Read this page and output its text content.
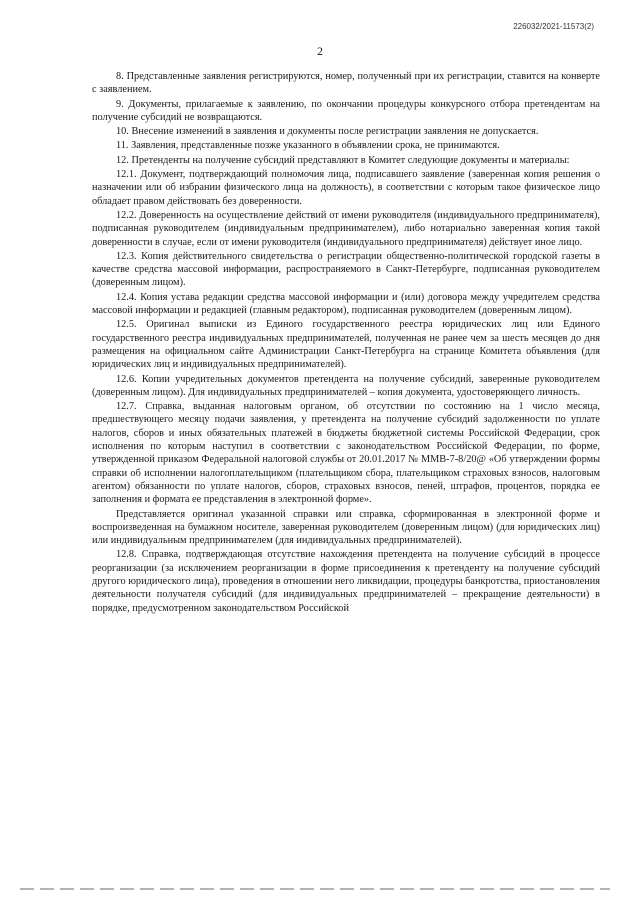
226032/2021-11573(2)
2

8. Представленные заявления регистрируются, номер, полученный при их регистрации, ставится на конверте с заявлением.

9. Документы, прилагаемые к заявлению, по окончании процедуры конкурсного отбора претендентам на получение субсидий не возвращаются.

10. Внесение изменений в заявления и документы после регистрации заявления не допускается.

11. Заявления, представленные позже указанного в объявлении срока, не принимаются.

12. Претенденты на получение субсидий представляют в Комитет следующие документы и материалы:

12.1. Документ, подтверждающий полномочия лица, подписавшего заявление (заверенная копия решения о назначении или об избрании физического лица на должность), в соответствии с которым такое физическое лицо обладает правом действовать без доверенности.

12.2. Доверенность на осуществление действий от имени руководителя (индивидуального предпринимателя), подписанная руководителем (индивидуальным предпринимателем), либо нотариально заверенная копия такой доверенности в случае, если от имени руководителя (индивидуального предпринимателя) действует иное лицо.

12.3. Копия действительного свидетельства о регистрации общественно-политической городской газеты в качестве средства массовой информации, распространяемого в Санкт-Петербурге, подписанная руководителем (доверенным лицом).

12.4. Копия устава редакции средства массовой информации и (или) договора между учредителем средства массовой информации и редакцией (главным редактором), подписанная руководителем (доверенным лицом).

12.5. Оригинал выписки из Единого государственного реестра юридических лиц или Единого государственного реестра индивидуальных предпринимателей, полученная не ранее чем за шесть месяцев до дня размещения на официальном сайте Администрации Санкт-Петербурга на странице Комитета объявления (для юридических лиц и индивидуальных предпринимателей).

12.6. Копии учредительных документов претендента на получение субсидий, заверенные руководителем (доверенным лицом). Для индивидуальных предпринимателей – копия документа, удостоверяющего личность.

12.7. Справка, выданная налоговым органом, об отсутствии по состоянию на 1 число месяца, предшествующего месяцу подачи заявления, у претендента на получение субсидий задолженности по уплате налогов, сборов и иных обязательных платежей в бюджеты бюджетной системы Российской Федерации, срок исполнения по которым наступил в соответствии с законодательством Российской Федерации, по форме, утвержденной приказом Федеральной налоговой службы от 20.01.2017 № ММВ-7-8/20@ «Об утверждении формы справки об исполнении налогоплательщиком (плательщиком сбора, плательщиком страховых взносов, налоговым агентом) обязанности по уплате налогов, сборов, страховых взносов, пеней, штрафов, процентов, порядка ее заполнения и формата ее представления в электронной форме».

Представляется оригинал указанной справки или справка, сформированная в электронной форме и воспроизведенная на бумажном носителе, заверенная руководителем (доверенным лицом) (для юридических лиц) или индивидуальным предпринимателем (для индивидуальных предпринимателей).

12.8. Справка, подтверждающая отсутствие нахождения претендента на получение субсидий в процессе реорганизации (за исключением реорганизации в форме присоединения к претенденту на получение субсидий другого юридического лица), проведения в отношении него ликвидации, процедуры банкротства, приостановления деятельности получателя субсидий (для индивидуальных предпринимателей – прекращение деятельности) в порядке, предусмотренном законодательством Российской
